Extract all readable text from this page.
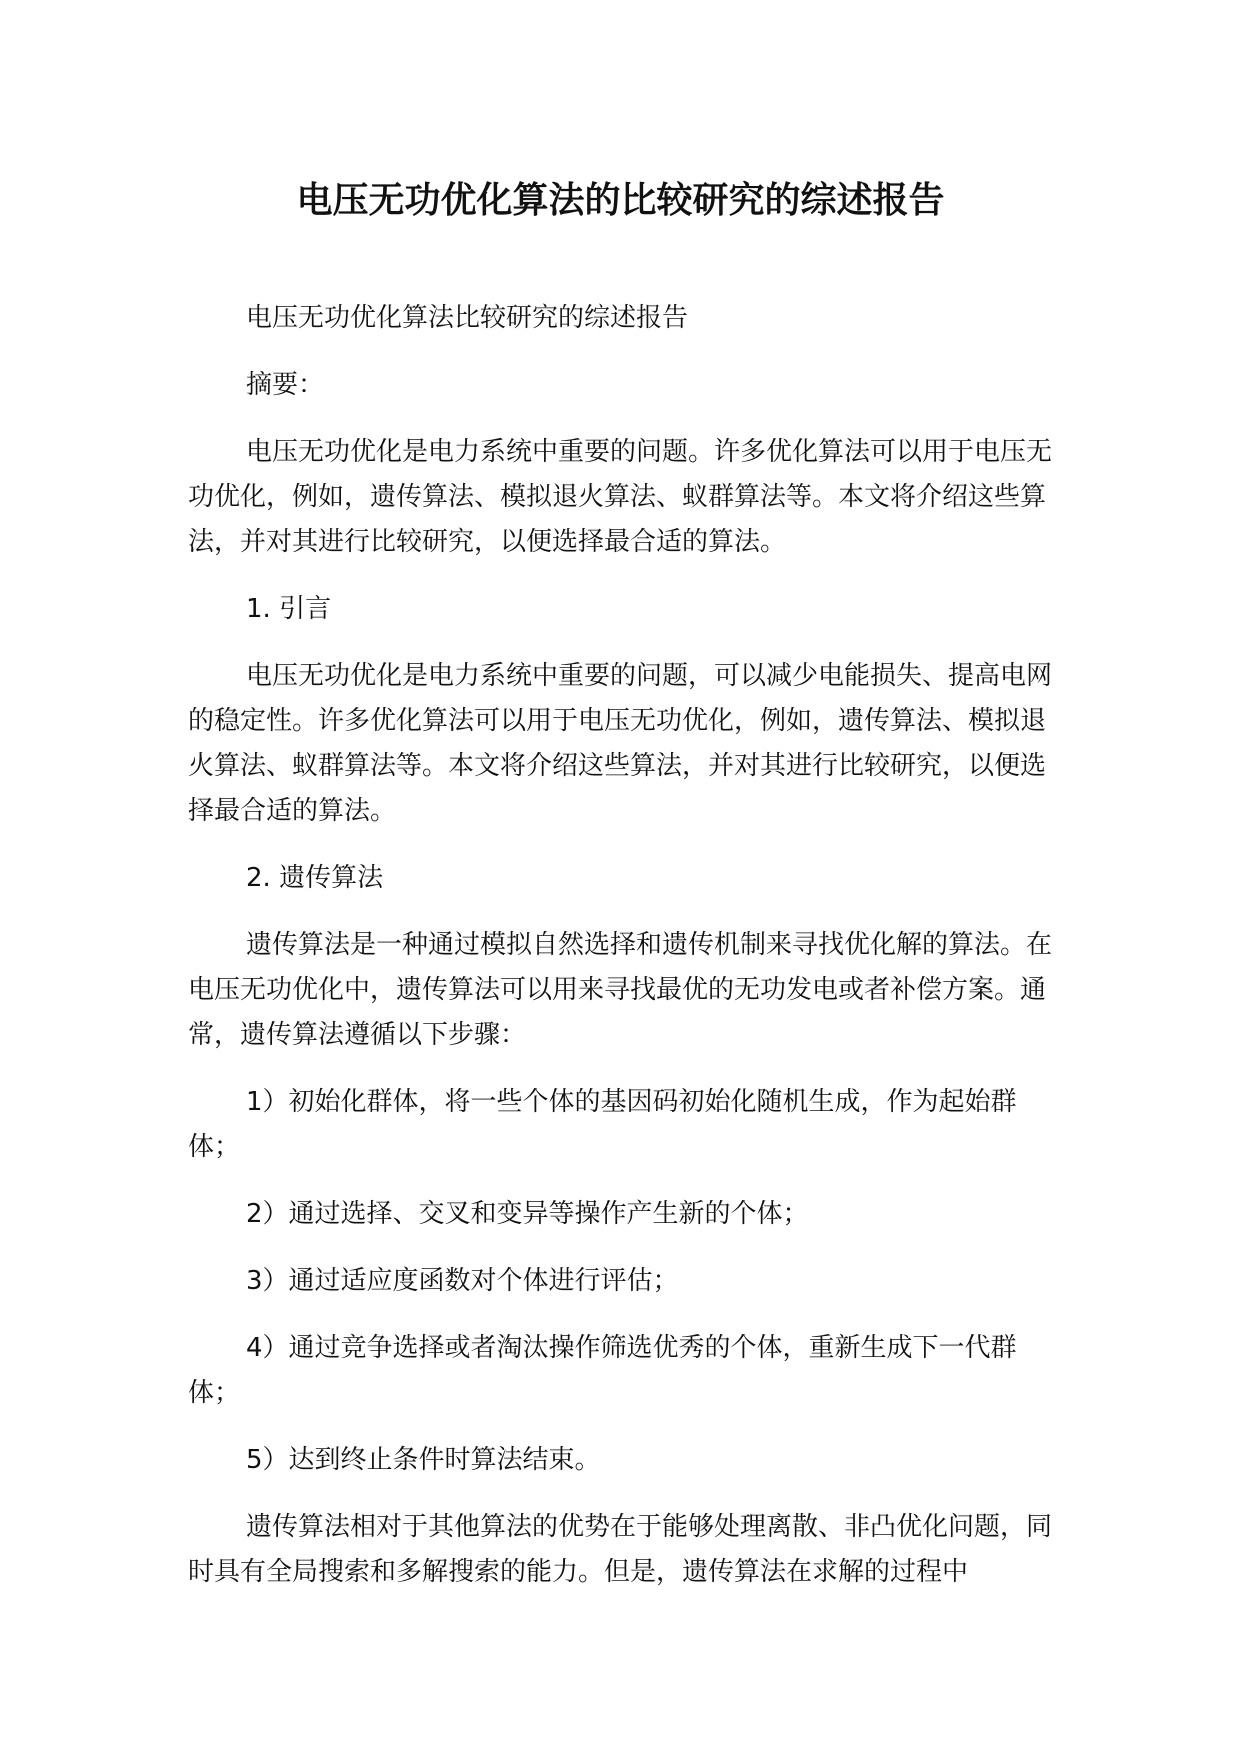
电压无功优化算法的比较研究的综述报告

电压无功优化算法比较研究的综述报告

摘要：

电压无功优化是电力系统中重要的问题。许多优化算法可以用于电压无功优化，例如，遗传算法、模拟退火算法、蚁群算法等。本文将介绍这些算法，并对其进行比较研究，以便选择最合适的算法。

1. 引言

电压无功优化是电力系统中重要的问题，可以减少电能损失、提高电网的稳定性。许多优化算法可以用于电压无功优化，例如，遗传算法、模拟退火算法、蚁群算法等。本文将介绍这些算法，并对其进行比较研究，以便选择最合适的算法。

2. 遗传算法

遗传算法是一种通过模拟自然选择和遗传机制来寻找优化解的算法。在电压无功优化中，遗传算法可以用来寻找最优的无功发电或者补偿方案。通常，遗传算法遵循以下步骤：

1）初始化群体，将一些个体的基因码初始化随机生成，作为起始群体；

2）通过选择、交叉和变异等操作产生新的个体；

3）通过适应度函数对个体进行评估；

4）通过竞争选择或者淘汰操作筛选优秀的个体，重新生成下一代群体；

5）达到终止条件时算法结束。

遗传算法相对于其他算法的优势在于能够处理离散、非凸优化问题，同时具有全局搜索和多解搜索的能力。但是，遗传算法在求解的过程中
